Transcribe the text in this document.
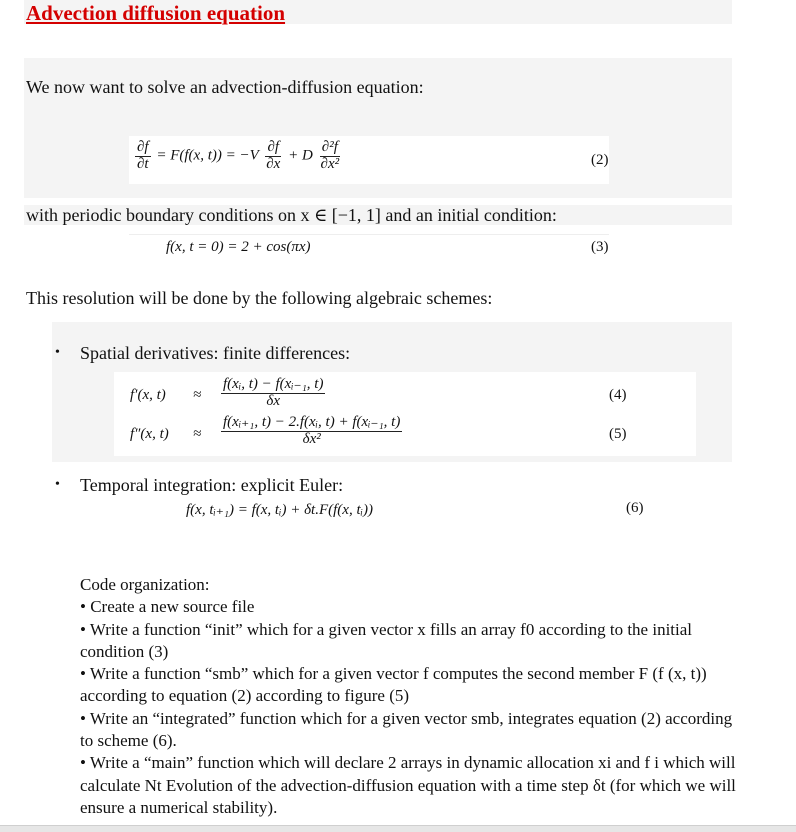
Advection diffusion equation
We now want to solve an advection-diffusion equation:
$\frac{\partial f}{\partial t} = F(f(x$, $t)) = -V \frac{\partial f}{\partial x} + D \frac{\text{∂²f}}{\text{∂x²}}$	(2)
with periodic boundary conditions on x ∈ [−1, 1] and an initial condition:
f(x, t = 0) = 2 + cos(πx)	(3)
This resolution will be done by the following algebraic schemes:
• Spatial derivatives: finite differences:
f′(x, $t) \approx \frac{\text{f(xᵢ, t) − f(xᵢ₋₁, t)}}{\delta x}$	(4)
f″(x, $t) \approx \frac{\text{f(xᵢ₊₁, t) − 2.f(xᵢ, t) + f(xᵢ₋₁, t)}}{\text{δx²}}$	(5)
• Temporal integration: explicit Euler:
f(x, tᵢ₊₁) = f(x, tᵢ) + δt.F(f(x, tᵢ))	(6)
Code organization:
• Create a new source file
• Write a function “init” which for a given vector x fills an array f0 according to the initial condition (3)
• Write a function “smb” which for a given vector f computes the second member F (f (x, t)) according to equation (2) according to figure (5)
• Write an “integrated” function which for a given vector smb, integrates equation (2) according to scheme (6).
• Write a “main” function which will declare 2 arrays in dynamic allocation xi and f i which will calculate Nt Evolution of the advection-diffusion equation with a time step δt (for which we will ensure a numerical stability).
